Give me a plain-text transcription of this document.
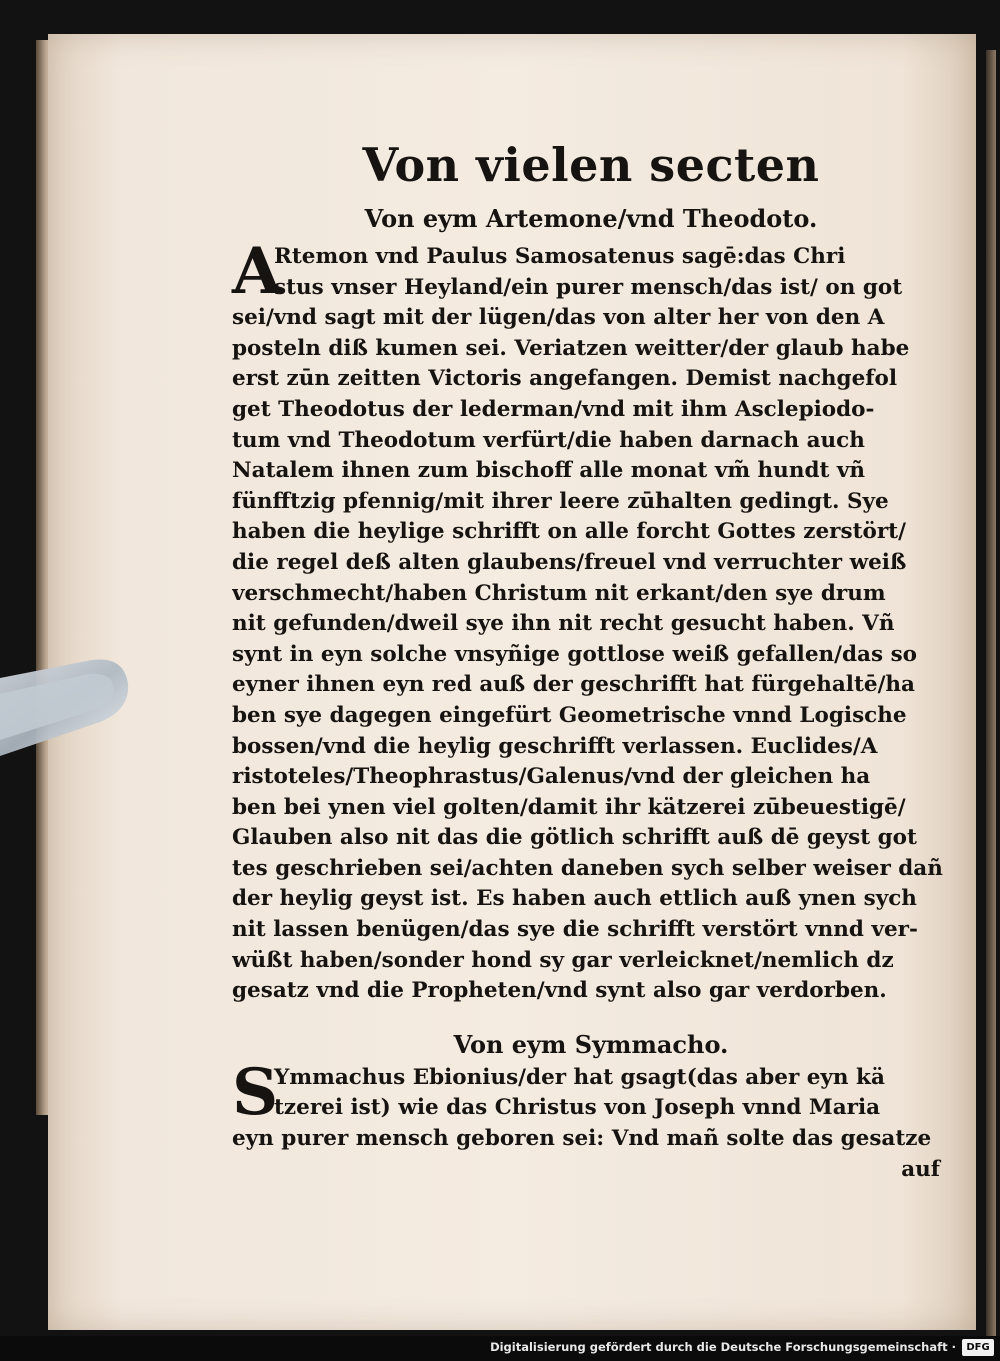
Von vielen secten
Von eym Artemone/vnd Theodoto.
A
Rtemon vnd Paulus Samosatenus sagē:das Chri
stus vnser Heyland/ein purer mensch/das ist/ on got
sei/vnd sagt mit der lügen/das von alter her von den A
posteln diß kumen sei. Veriatzen weitter/der glaub habe
erst zūn zeitten Victoris angefangen. Demist nachgefol
get Theodotus der lederman/vnd mit ihm Asclepiodo-
tum vnd Theodotum verfürt/die haben darnach auch
Natalem ihnen zum bischoff alle monat vm̃ hundt vñ
fünfftzig pfennig/mit ihrer leere zūhalten gedingt. Sye
haben die heylige schrifft on alle forcht Gottes zerstört/
die regel deß alten glaubens/freuel vnd verruchter weiß
verschmecht/haben Christum nit erkant/den sye drum
nit gefunden/dweil sye ihn nit recht gesucht haben. Vñ
synt in eyn solche vnsyñige gottlose weiß gefallen/das so
eyner ihnen eyn red auß der geschrifft hat fürgehaltē/ha
ben sye dagegen eingefürt Geometrische vnnd Logische
bossen/vnd die heylig geschrifft verlassen. Euclides/A
ristoteles/Theophrastus/Galenus/vnd der gleichen ha
ben bei ynen viel golten/damit ihr kätzerei zūbeuestigē/
Glauben also nit das die götlich schrifft auß dē geyst got
tes geschrieben sei/achten daneben sych selber weiser dañ
der heylig geyst ist. Es haben auch ettlich auß ynen sych
nit lassen benügen/das sye die schrifft verstört vnnd ver-
wüßt haben/sonder hond sy gar verleicknet/nemlich dz
gesatz vnd die Propheten/vnd synt also gar verdorben.
Von eym Symmacho.
S
Ymmachus Ebionius/der hat gsagt(das aber eyn kä
tzerei ist) wie das Christus von Joseph vnnd Maria
eyn purer mensch geboren sei: Vnd mañ solte das gesatze
auf
Digitalisierung gefördert durch die Deutsche Forschungsgemeinschaft ·	DFG
